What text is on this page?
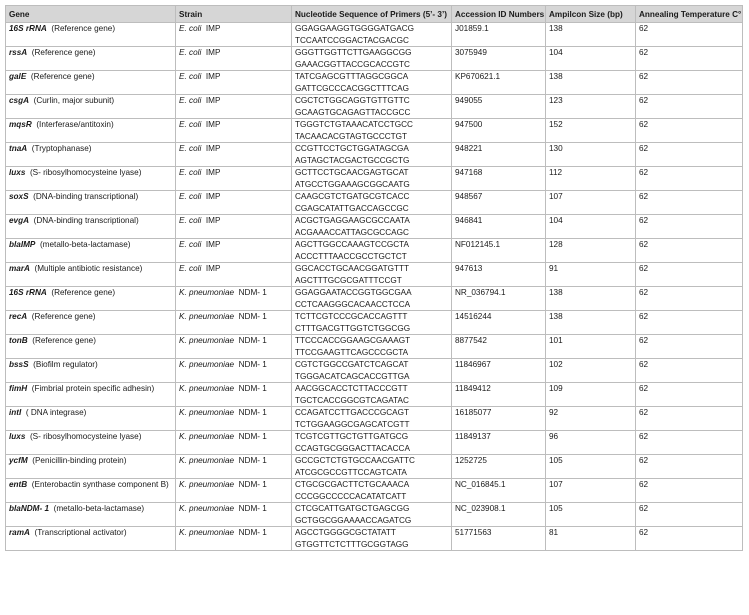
Gene	Strain	Nucleotide Sequence of Primers (5’- 3’)	Accession ID Numbers	Ampilcon Size (bp)	Annealing Temperature C°
16S rRNA (Reference gene)	E. coli IMP	GGAGGAAGGTGGGGATGACG	J01859.1	138	62
		TCCAATCCGGACTACGACGC			
rssA (Reference gene)	E. coli IMP	GGGTTGGTTCTTGAAGGCGG	3075949	104	62
		GAAACGGTTACCGCACCGTC			
galE (Reference gene)	E. coli IMP	TATCGAGCGTTTAGGCGGCA	KP670621.1	138	62
		GATTCGCCCACGGCTTTCAG			
csgA (Curlin, major subunit)	E. coli IMP	CGCTCTGGCAGGTGTTGTTC	949055	123	62
		GCAAGTGCAGAGTTACCGCC			
mqsR (Interferase/antitoxin)	E. coli IMP	TGGGTCTGTAAACATCCTGCC	947500	152	62
		TACAACACGTAGTGCCCTGT			
tnaA (Tryptophanase)	E. coli IMP	CCGTTCCTGCTGGATAGCGA	948221	130	62
		AGTAGCTACGACTGCCGCTG			
luxs (S- ribosylhomocysteine lyase)	E. coli IMP	GCTTCCTGCAACGAGTGCAT	947168	112	62
		ATGCCTGGAAAGCGGCAATG			
soxS (DNA-binding transcriptional)	E. coli IMP	CAAGCGTCTGATGCGTCACC	948567	107	62
		CGAGCATATTGACCAGCCGC			
evgA (DNA-binding transcriptional)	E. coli IMP	ACGCTGAGGAAGCGCCAATA	946841	104	62
		ACGAAACCATTAGCGCCAGC			
blaIMP (metallo-beta-lactamase)	E. coli IMP	AGCTTGGCCAAAGTCCGCTA	NF012145.1	128	62
		ACCCTTTAACCGCCTGCTCT			
marA (Multiple antibiotic resistance)	E. coli IMP	GGCACCTGCAACGGATGTTT	947613	91	62
		AGCTTTGCGCGATTTCCGT			
16S rRNA (Reference gene)	K. pneumoniae NDM- 1	GGAGGAATACCGGTGGCGAA	NR_036794.1	138	62
		CCTCAAGGGCACAACCTCCA			
recA (Reference gene)	K. pneumoniae NDM- 1	TCTTCGTCCCGCACCAGTTT	14516244	138	62
		CTTTGACGTTGGTCTGGCGG			
tonB (Reference gene)	K. pneumoniae NDM- 1	TTCCCACCGGAAGCGAAAGT	8877542	101	62
		TTCCGAAGTTCAGCCCGCTA			
bssS (Biofilm regulator)	K. pneumoniae NDM- 1	CGTCTGGCCGATCTCAGCAT	11846967	102	62
		TGGGACATCAGCACCGTTGA			
fimH (Fimbrial protein specific adhesin)	K. pneumoniae NDM- 1	AACGGCACCTCTTACCCGTT	11849412	109	62
		TGCTCACCGGCGTCAGATAC			
intI ( DNA integrase)	K. pneumoniae NDM- 1	CCAGATCCTTGACCCGCAGT	16185077	92	62
		TCTGGAAGGCGAGCATCGTT			
luxs (S- ribosylhomocysteine lyase)	K. pneumoniae NDM- 1	TCGTCGTTGCTGTTGATGCG	11849137	96	62
		CCAGTGCGGGACTTACACCA			
ycfM (Penicillin-binding protein)	K. pneumoniae NDM- 1	GCCGCTCTGTGCCAACGATTC	1252725	105	62
		ATCGCGCCGTTCCAGTCATA			
entB (Enterobactin synthase component B)	K. pneumoniae NDM- 1	CTGCGCGACTTCTGCAAACA	NC_016845.1	107	62
		CCCGGCCCCCACATATCATT			
blaNDM- 1 (metallo-beta-lactamase)	K. pneumoniae NDM- 1	CTCGCATTGATGCTGAGCGG	NC_023908.1	105	62
		GCTGGCGGAAAACCAGATCG			
ramA (Transcriptional activator)	K. pneumoniae NDM- 1	AGCCTGGGGCGCTATATT	51771563	81	62
		GTGGTTCTCTTTGCGGTAGG			
